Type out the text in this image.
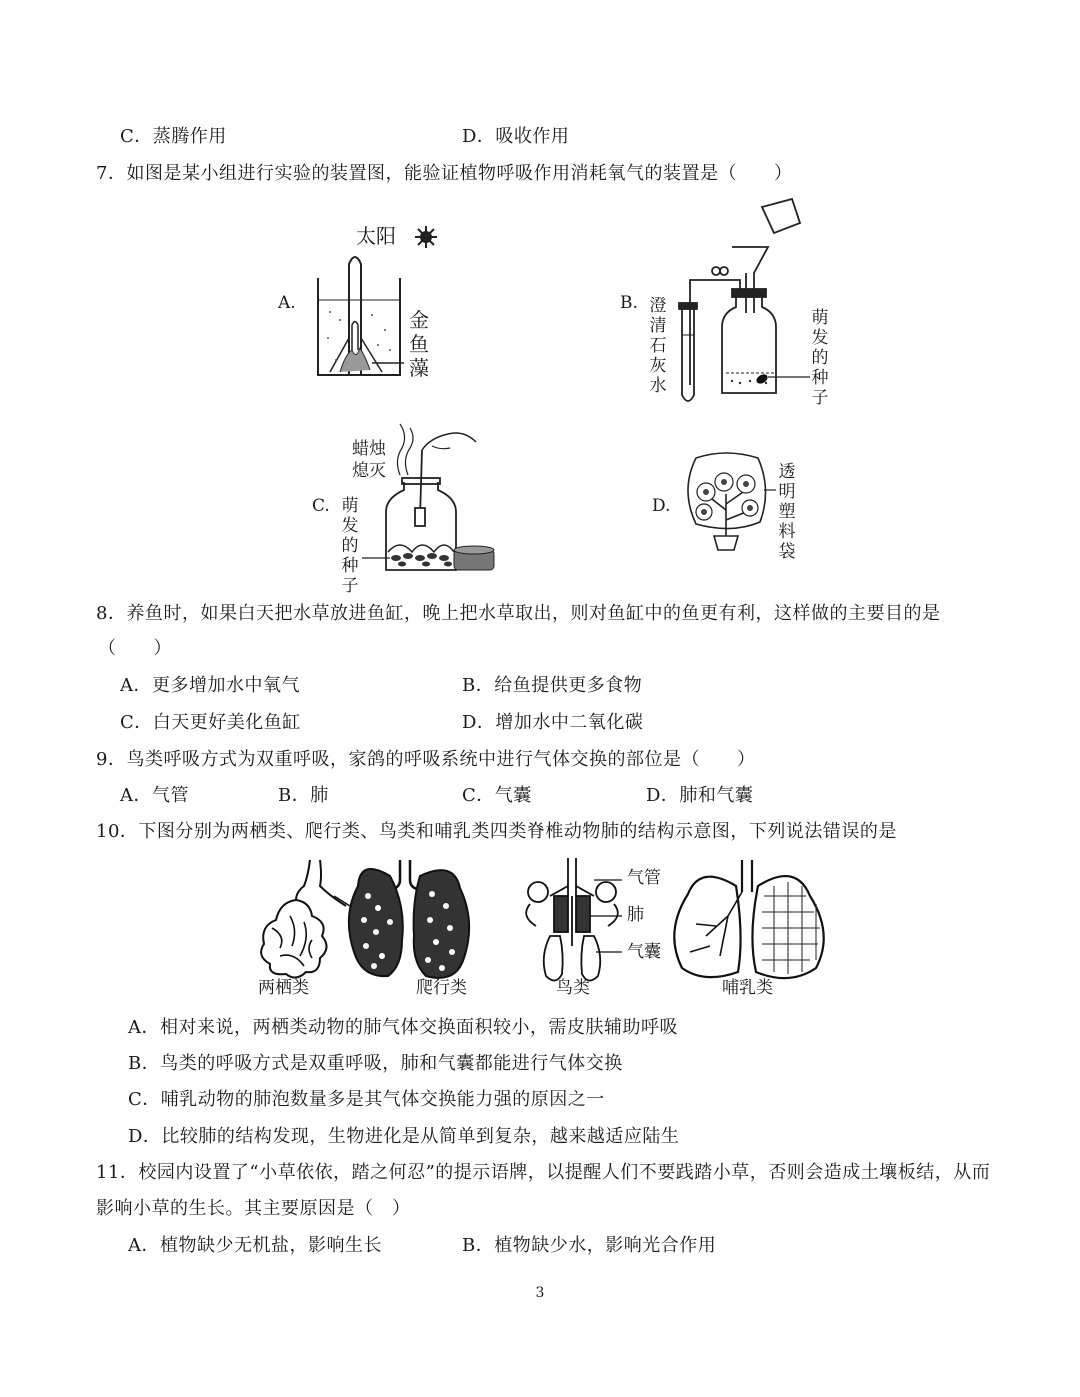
C．蒸腾作用	D．吸收作用
7．如图是某小组进行实验的装置图，能验证植物呼吸作用消耗氧气的装置是（　　）
A.
太阳
金鱼藻
B. 澄清石灰水
萌发的种子
C.
蜡烛熄灭
萌发的种子
D.
透明塑料袋
8．养鱼时，如果白天把水草放进鱼缸，晚上把水草取出，则对鱼缸中的鱼更有利，这样做的主要目的是
（　　）
A．更多增加水中氧气	B．给鱼提供更多食物
C．白天更好美化鱼缸	D．增加水中二氧化碳
9．鸟类呼吸方式为双重呼吸，家鸽的呼吸系统中进行气体交换的部位是（　　）
A．气管	B．肺	C．气囊	D．肺和气囊
10．下图分别为两栖类、爬行类、鸟类和哺乳类四类脊椎动物肺的结构示意图，下列说法错误的是
气管
肺
气囊
两栖类	爬行类	鸟类	哺乳类
A．相对来说，两栖类动物的肺气体交换面积较小，需皮肤辅助呼吸
B．鸟类的呼吸方式是双重呼吸，肺和气囊都能进行气体交换
C．哺乳动物的肺泡数量多是其气体交换能力强的原因之一
D．比较肺的结构发现，生物进化是从简单到复杂，越来越适应陆生
11．校园内设置了“小草依依，踏之何忍”的提示语牌，以提醒人们不要践踏小草，否则会造成土壤板结，从而
影响小草的生长。其主要原因是（　）
A．植物缺少无机盐，影响生长	B．植物缺少水，影响光合作用
3
